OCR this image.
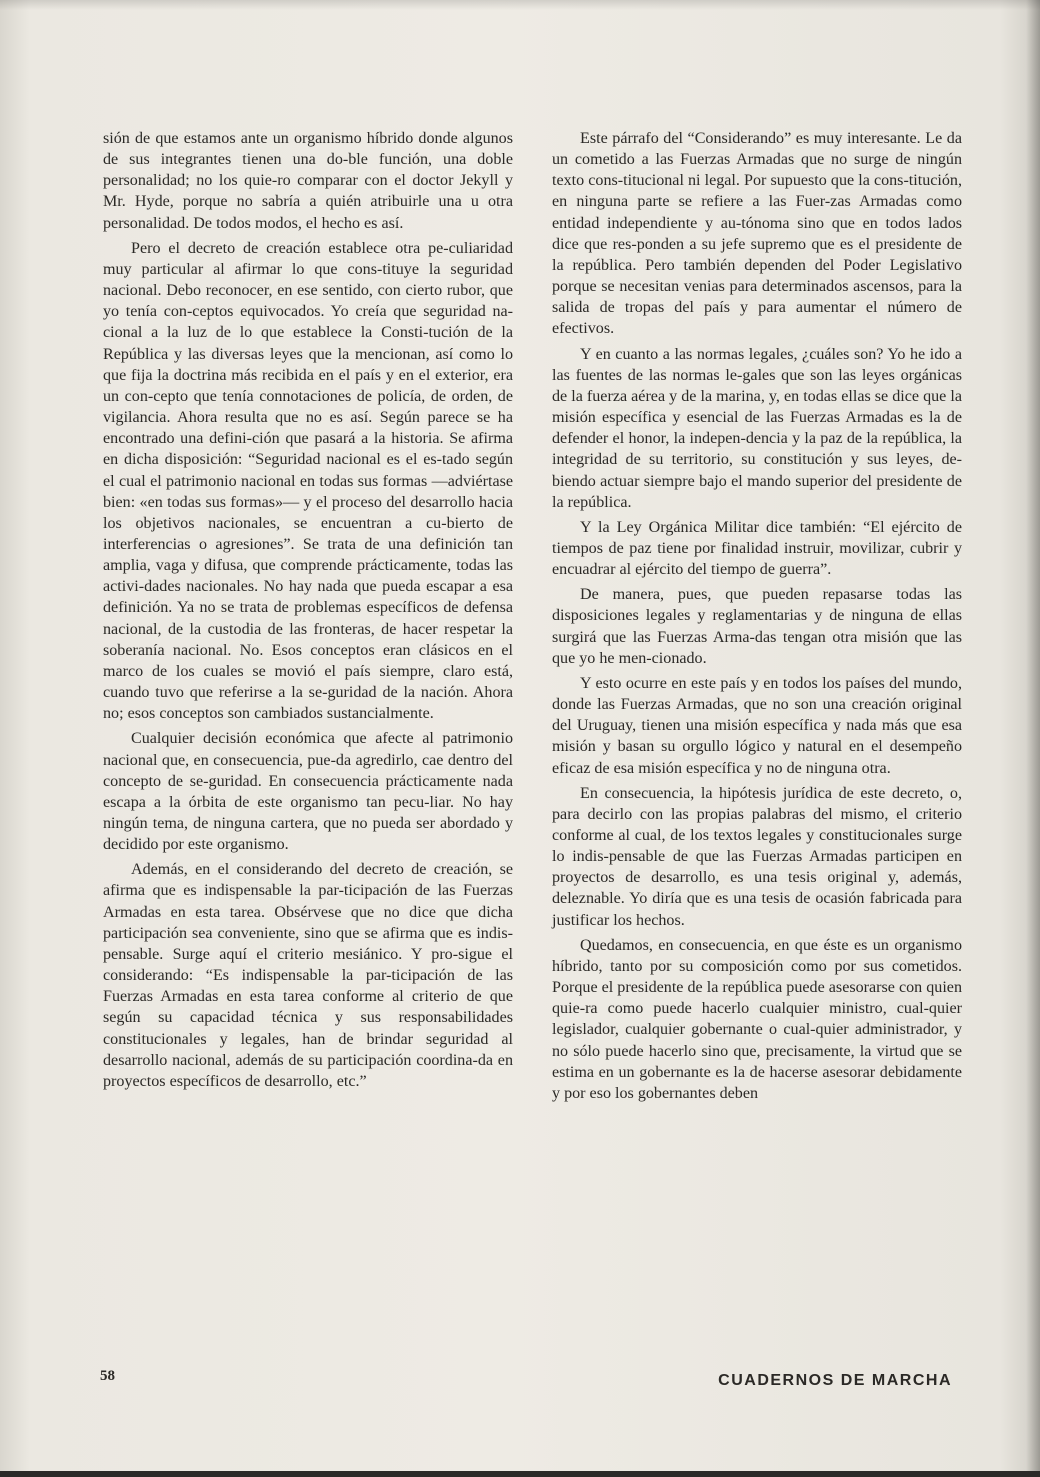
sión de que estamos ante un organismo híbrido donde algunos de sus integrantes tienen una do-ble función, una doble personalidad; no los quie-ro comparar con el doctor Jekyll y Mr. Hyde, porque no sabría a quién atribuirle una u otra personalidad. De todos modos, el hecho es así.

Pero el decreto de creación establece otra pe-culiaridad muy particular al afirmar lo que cons-tituye la seguridad nacional. Debo reconocer, en ese sentido, con cierto rubor, que yo tenía con-ceptos equivocados. Yo creía que seguridad na-cional a la luz de lo que establece la Consti-tución de la República y las diversas leyes que la mencionan, así como lo que fija la doctrina más recibida en el país y en el exterior, era un con-cepto que tenía connotaciones de policía, de orden, de vigilancia. Ahora resulta que no es así. Según parece se ha encontrado una defini-ción que pasará a la historia. Se afirma en dicha disposición: “Seguridad nacional es el es-tado según el cual el patrimonio nacional en todas sus formas —adviértase bien: «en todas sus formas»— y el proceso del desarrollo hacia los objetivos nacionales, se encuentran a cu-bierto de interferencias o agresiones”. Se trata de una definición tan amplia, vaga y difusa, que comprende prácticamente, todas las activi-dades nacionales. No hay nada que pueda escapar a esa definición. Ya no se trata de problemas específicos de defensa nacional, de la custodia de las fronteras, de hacer respetar la soberanía nacional. No. Esos conceptos eran clásicos en el marco de los cuales se movió el país siempre, claro está, cuando tuvo que referirse a la se-guridad de la nación. Ahora no; esos conceptos son cambiados sustancialmente.

Cualquier decisión económica que afecte al patrimonio nacional que, en consecuencia, pue-da agredirlo, cae dentro del concepto de se-guridad. En consecuencia prácticamente nada escapa a la órbita de este organismo tan pecu-liar. No hay ningún tema, de ninguna cartera, que no pueda ser abordado y decidido por este organismo.

Además, en el considerando del decreto de creación, se afirma que es indispensable la par-ticipación de las Fuerzas Armadas en esta tarea. Obsérvese que no dice que dicha participación sea conveniente, sino que se afirma que es indis-pensable. Surge aquí el criterio mesiánico. Y pro-sigue el considerando: “Es indispensable la par-ticipación de las Fuerzas Armadas en esta tarea conforme al criterio de que según su capacidad técnica y sus responsabilidades constitucionales y legales, han de brindar seguridad al desarrollo nacional, además de su participación coordina-da en proyectos específicos de desarrollo, etc.”

Este párrafo del “Considerando” es muy interesante. Le da un cometido a las Fuerzas Armadas que no surge de ningún texto cons-titucional ni legal. Por supuesto que la cons-titución, en ninguna parte se refiere a las Fuer-zas Armadas como entidad independiente y au-tónoma sino que en todos lados dice que res-ponden a su jefe supremo que es el presidente de la república. Pero también dependen del Poder Legislativo porque se necesitan venias para determinados ascensos, para la salida de tropas del país y para aumentar el número de efectivos.

Y en cuanto a las normas legales, ¿cuáles son? Yo he ido a las fuentes de las normas le-gales que son las leyes orgánicas de la fuerza aérea y de la marina, y, en todas ellas se dice que la misión específica y esencial de las Fuerzas Armadas es la de defender el honor, la indepen-dencia y la paz de la república, la integridad de su territorio, su constitución y sus leyes, de-biendo actuar siempre bajo el mando superior del presidente de la república.

Y la Ley Orgánica Militar dice también: “El ejército de tiempos de paz tiene por finalidad instruir, movilizar, cubrir y encuadrar al ejército del tiempo de guerra”.

De manera, pues, que pueden repasarse todas las disposiciones legales y reglamentarias y de ninguna de ellas surgirá que las Fuerzas Arma-das tengan otra misión que las que yo he men-cionado.

Y esto ocurre en este país y en todos los países del mundo, donde las Fuerzas Armadas, que no son una creación original del Uruguay, tienen una misión específica y nada más que esa misión y basan su orgullo lógico y natural en el desempeño eficaz de esa misión específica y no de ninguna otra.

En consecuencia, la hipótesis jurídica de este decreto, o, para decirlo con las propias palabras del mismo, el criterio conforme al cual, de los textos legales y constitucionales surge lo indis-pensable de que las Fuerzas Armadas participen en proyectos de desarrollo, es una tesis original y, además, deleznable. Yo diría que es una tesis de ocasión fabricada para justificar los hechos.

Quedamos, en consecuencia, en que éste es un organismo híbrido, tanto por su composición como por sus cometidos. Porque el presidente de la república puede asesorarse con quien quie-ra como puede hacerlo cualquier ministro, cual-quier legislador, cualquier gobernante o cual-quier administrador, y no sólo puede hacerlo sino que, precisamente, la virtud que se estima en un gobernante es la de hacerse asesorar debidamente y por eso los gobernantes deben

58	CUADERNOS DE MARCHA
